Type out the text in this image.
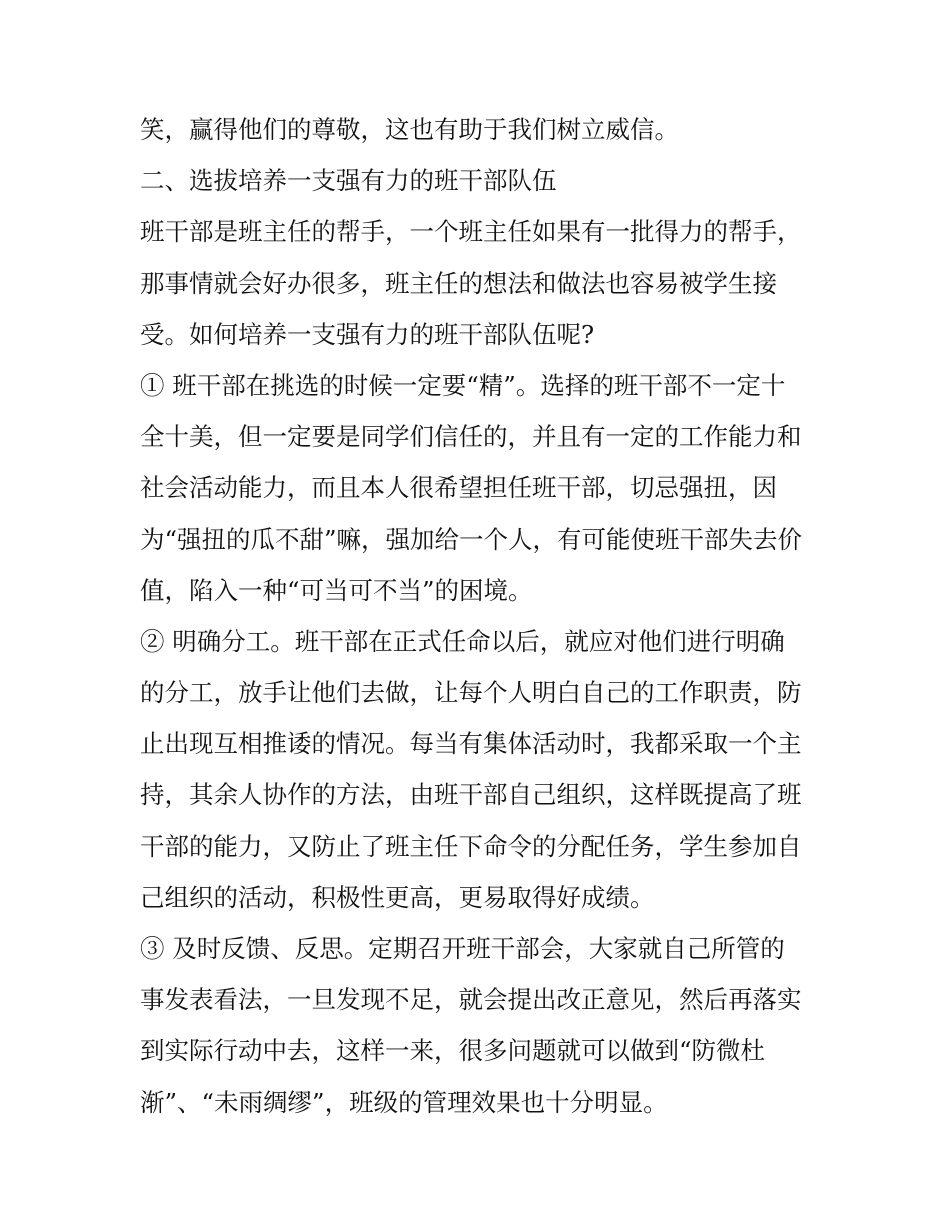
笑，赢得他们的尊敬，这也有助于我们树立威信。
二、选拔培养一支强有力的班干部队伍
班干部是班主任的帮手，一个班主任如果有一批得力的帮手，
那事情就会好办很多，班主任的想法和做法也容易被学生接
受。如何培养一支强有力的班干部队伍呢?
① 班干部在挑选的时候一定要“精”。选择的班干部不一定十
全十美，但一定要是同学们信任的，并且有一定的工作能力和
社会活动能力，而且本人很希望担任班干部，切忌强扭，因
为“强扭的瓜不甜”嘛，强加给一个人，有可能使班干部失去价
值，陷入一种“可当可不当”的困境。
② 明确分工。班干部在正式任命以后，就应对他们进行明确
的分工，放手让他们去做，让每个人明白自己的工作职责，防
止出现互相推诿的情况。每当有集体活动时，我都采取一个主
持，其余人协作的方法，由班干部自己组织，这样既提高了班
干部的能力，又防止了班主任下命令的分配任务，学生参加自
己组织的活动，积极性更高，更易取得好成绩。
③ 及时反馈、反思。定期召开班干部会，大家就自己所管的
事发表看法，一旦发现不足，就会提出改正意见，然后再落实
到实际行动中去，这样一来，很多问题就可以做到“防微杜
渐”、“未雨绸缪”，班级的管理效果也十分明显。
